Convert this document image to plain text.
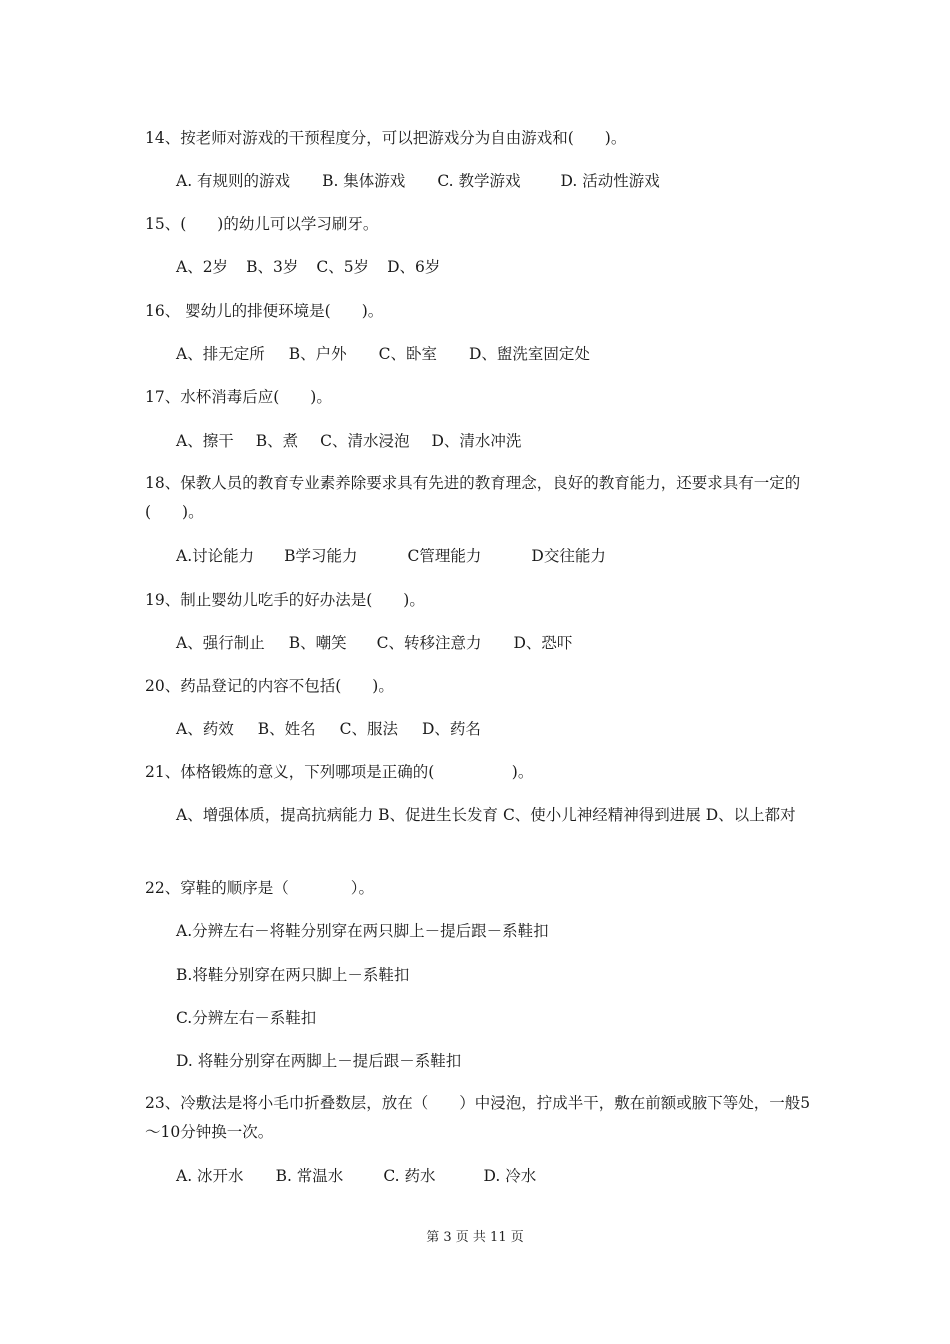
14、按老师对游戏的干预程度分，可以把游戏分为自由游戏和(　　)。
A. 有规则的游戏 B. 集体游戏 C. 教学游戏	D. 活动性游戏
15、(　　)的幼儿可以学习刷牙。
A、2岁 B、3岁 C、5岁 D、6岁
16、 婴幼儿的排便环境是(　　)。
A、排无定所 B、户外 C、卧室 D、盥洗室固定处
17、水杯消毒后应(　　)。
A、擦干 B、煮 C、清水浸泡 D、清水冲洗
18、保教人员的教育专业素养除要求具有先进的教育理念，良好的教育能力，还要求具有一定的(　　)。
A.讨论能力 B学习能力	C管理能力	D交往能力
19、制止婴幼儿吃手的好办法是(　　)。
A、强行制止 B、嘲笑 C、转移注意力 D、恐吓
20、药品登记的内容不包括(　　)。
A、药效 B、姓名 C、服法 D、药名
21、体格锻炼的意义，下列哪项是正确的(　　　　　)。
A、增强体质，提高抗病能力 B、促进生长发育 C、使小儿神经精神得到进展 D、以上都对
22、穿鞋的顺序是（　　　　）。
A.分辨左右－将鞋分别穿在两只脚上－提后跟－系鞋扣
B.将鞋分别穿在两只脚上－系鞋扣
C.分辨左右－系鞋扣
D. 将鞋分别穿在两脚上－提后跟－系鞋扣
23、冷敷法是将小毛巾折叠数层，放在（　　）中浸泡，拧成半干，敷在前额或腋下等处，一般5～10分钟换一次。
A. 冰开水 B. 常温水	C. 药水	D. 冷水
第 3 页 共 11 页
